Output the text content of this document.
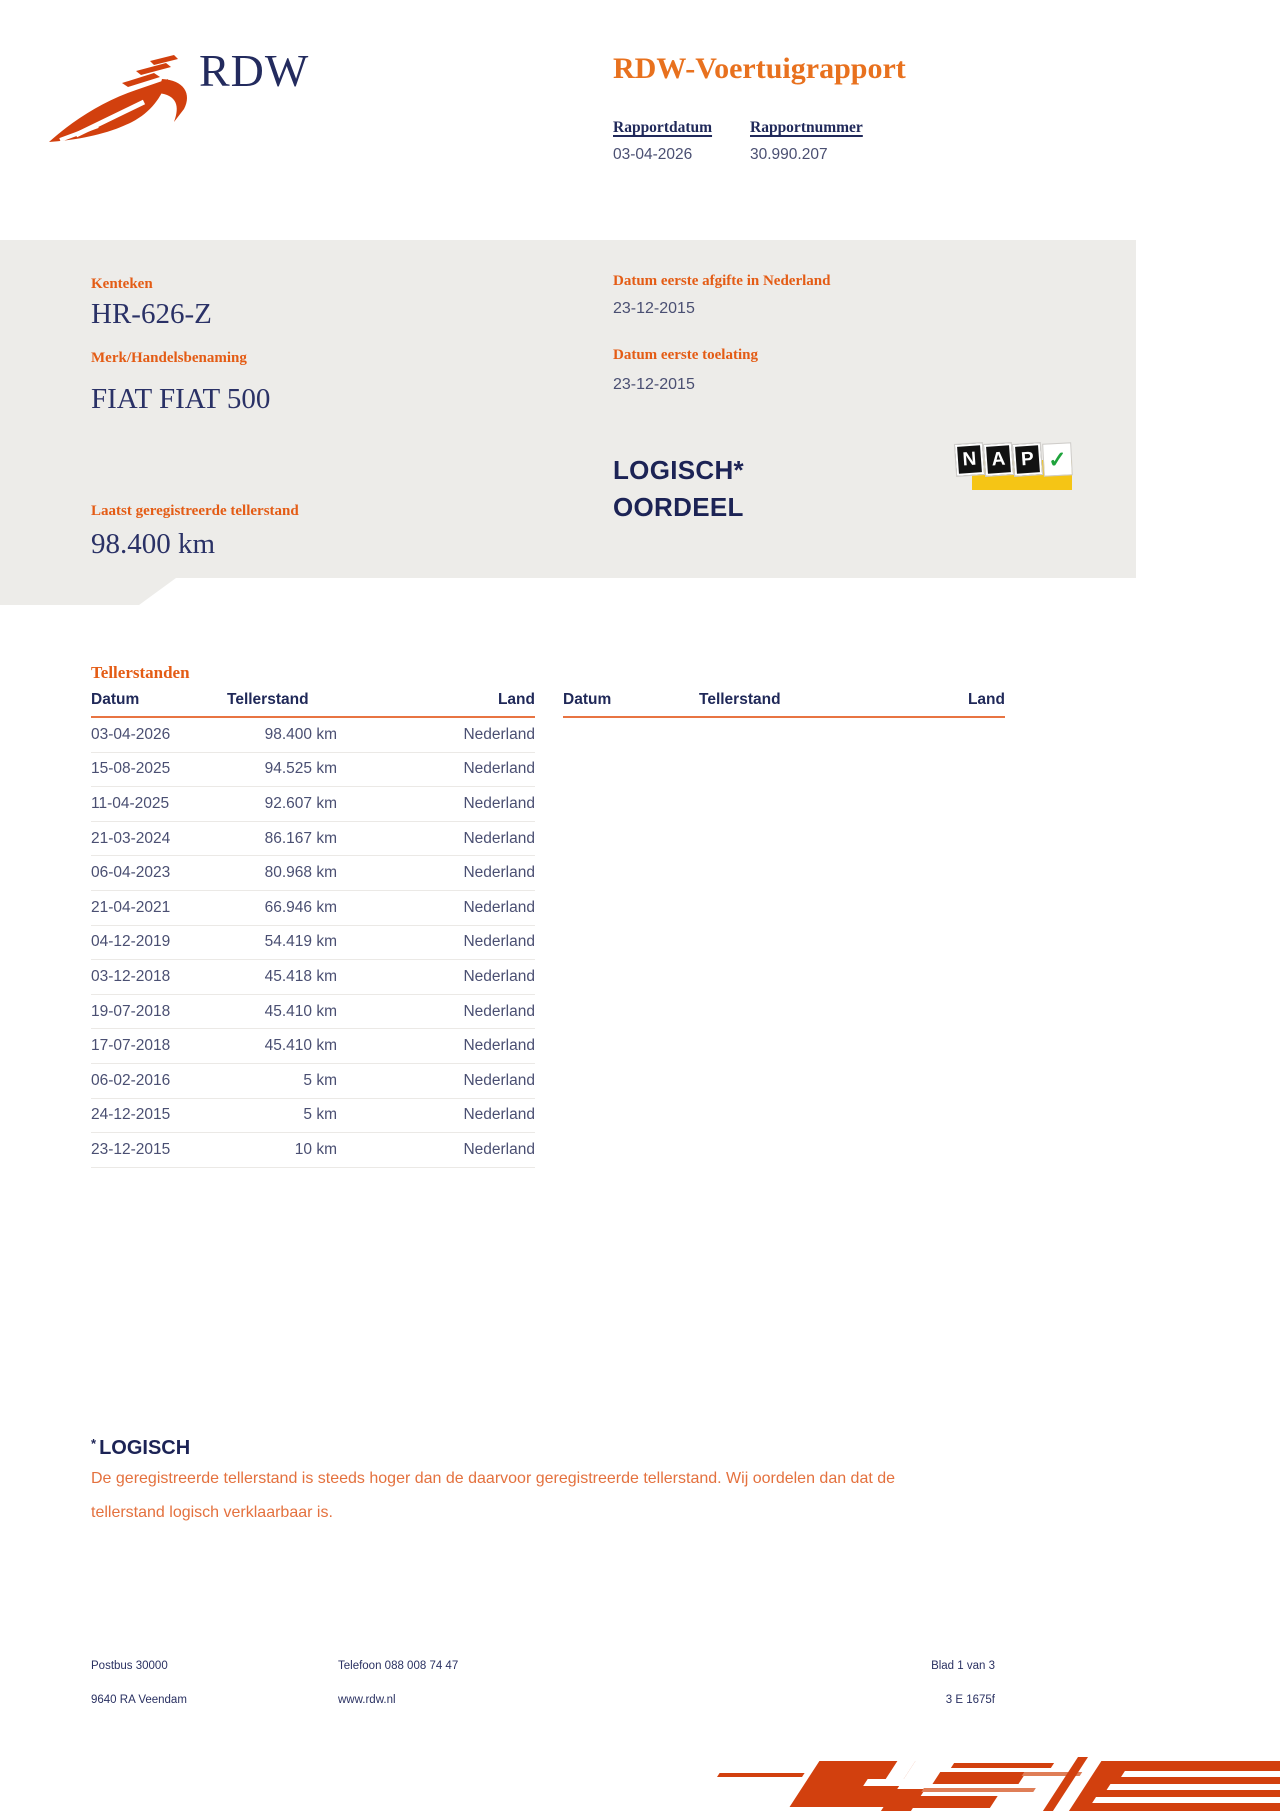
RDW	RDW-Voertuigrapport
Rapportdatum Rapportnummer
03-04-2026	30.990.207
Kenteken
HR-626-Z
Merk/Handelsbenaming
FIAT FIAT 500
Laatst geregistreerde tellerstand
98.400 km
Datum eerste afgifte in Nederland
23-12-2015
Datum eerste toelating
23-12-2015
LOGISCH*
OORDEEL
N A P ✓
Tellerstanden
Datum	Tellerstand	Land
03-04-2026	98.400 km	Nederland
15-08-2025	94.525 km	Nederland
11-04-2025	92.607 km	Nederland
21-03-2024	86.167 km	Nederland
06-04-2023	80.968 km	Nederland
21-04-2021	66.946 km	Nederland
04-12-2019	54.419 km	Nederland
03-12-2018	45.418 km	Nederland
19-07-2018	45.410 km	Nederland
17-07-2018	45.410 km	Nederland
06-02-2016	5 km	Nederland
24-12-2015	5 km	Nederland
23-12-2015	10 km	Nederland
Datum	Tellerstand	Land
* LOGISCH
De geregistreerde tellerstand is steeds hoger dan de daarvoor geregistreerde tellerstand. Wij oordelen dan dat de tellerstand logisch verklaarbaar is.
Postbus 30000
9640 RA Veendam
Telefoon 088 008 74 47
www.rdw.nl
Blad 1 van 3
3 E 1675f
